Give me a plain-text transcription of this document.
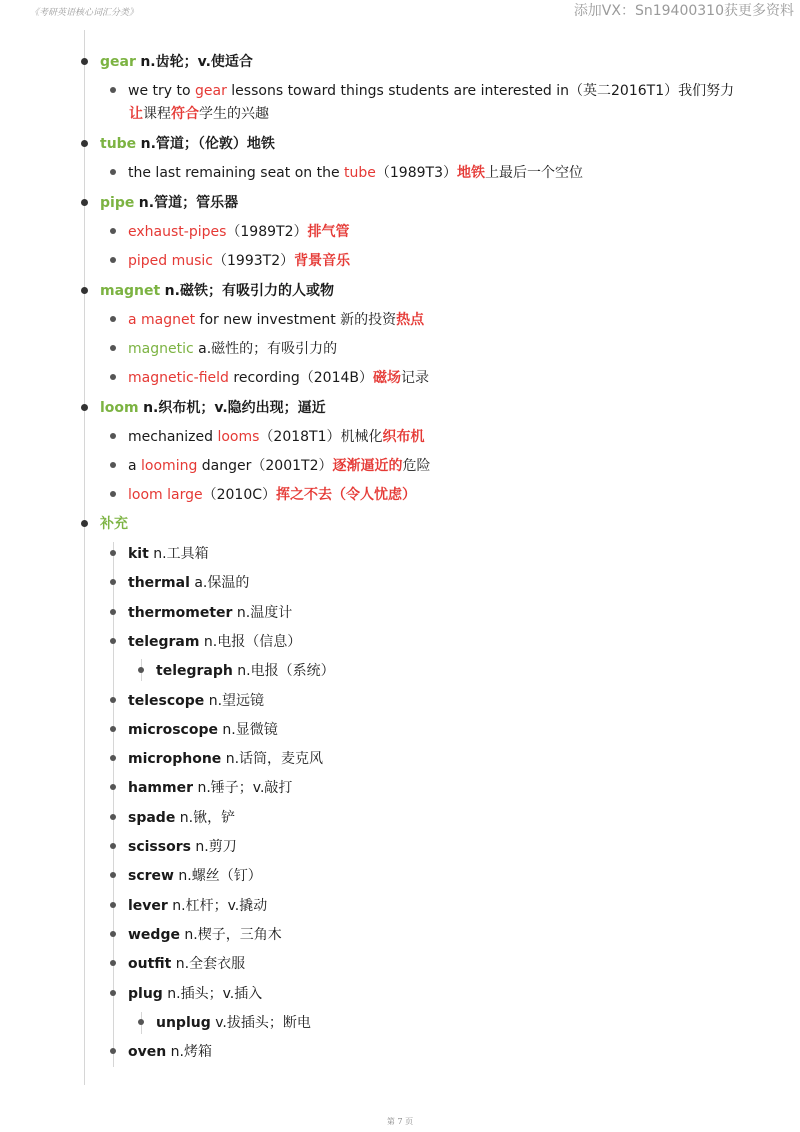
《考研英语核心词汇分类》	添加VX：Sn19400310获更多资料
gear n.齿轮；v.使适合
we try to gear lessons toward things students are interested in（英二2016T1）我们努力
让课程符合学生的兴趣
tube n.管道；（伦敦）地铁
the last remaining seat on the tube（1989T3）地铁上最后一个空位
pipe n.管道；管乐器
exhaust-pipes（1989T2）排气管
piped music（1993T2）背景音乐
magnet n.磁铁；有吸引力的人或物
a magnet for new investment 新的投资热点
magnetic a.磁性的；有吸引力的
magnetic-field recording（2014B）磁场记录
loom n.织布机；v.隐约出现；逼近
mechanized looms（2018T1）机械化织布机
a looming danger（2001T2）逐渐逼近的危险
loom large（2010C）挥之不去（令人忧虑）
补充
kit n.工具箱
thermal a.保温的
thermometer n.温度计
telegram n.电报（信息）
telegraph n.电报（系统）
telescope n.望远镜
microscope n.显微镜
microphone n.话筒，麦克风
hammer n.锤子；v.敲打
spade n.锹，铲
scissors n.剪刀
screw n.螺丝（钉）
lever n.杠杆；v.撬动
wedge n.楔子，三角木
outfit n.全套衣服
plug n.插头；v.插入
unplug v.拔插头；断电
oven n.烤箱
第 7 页
